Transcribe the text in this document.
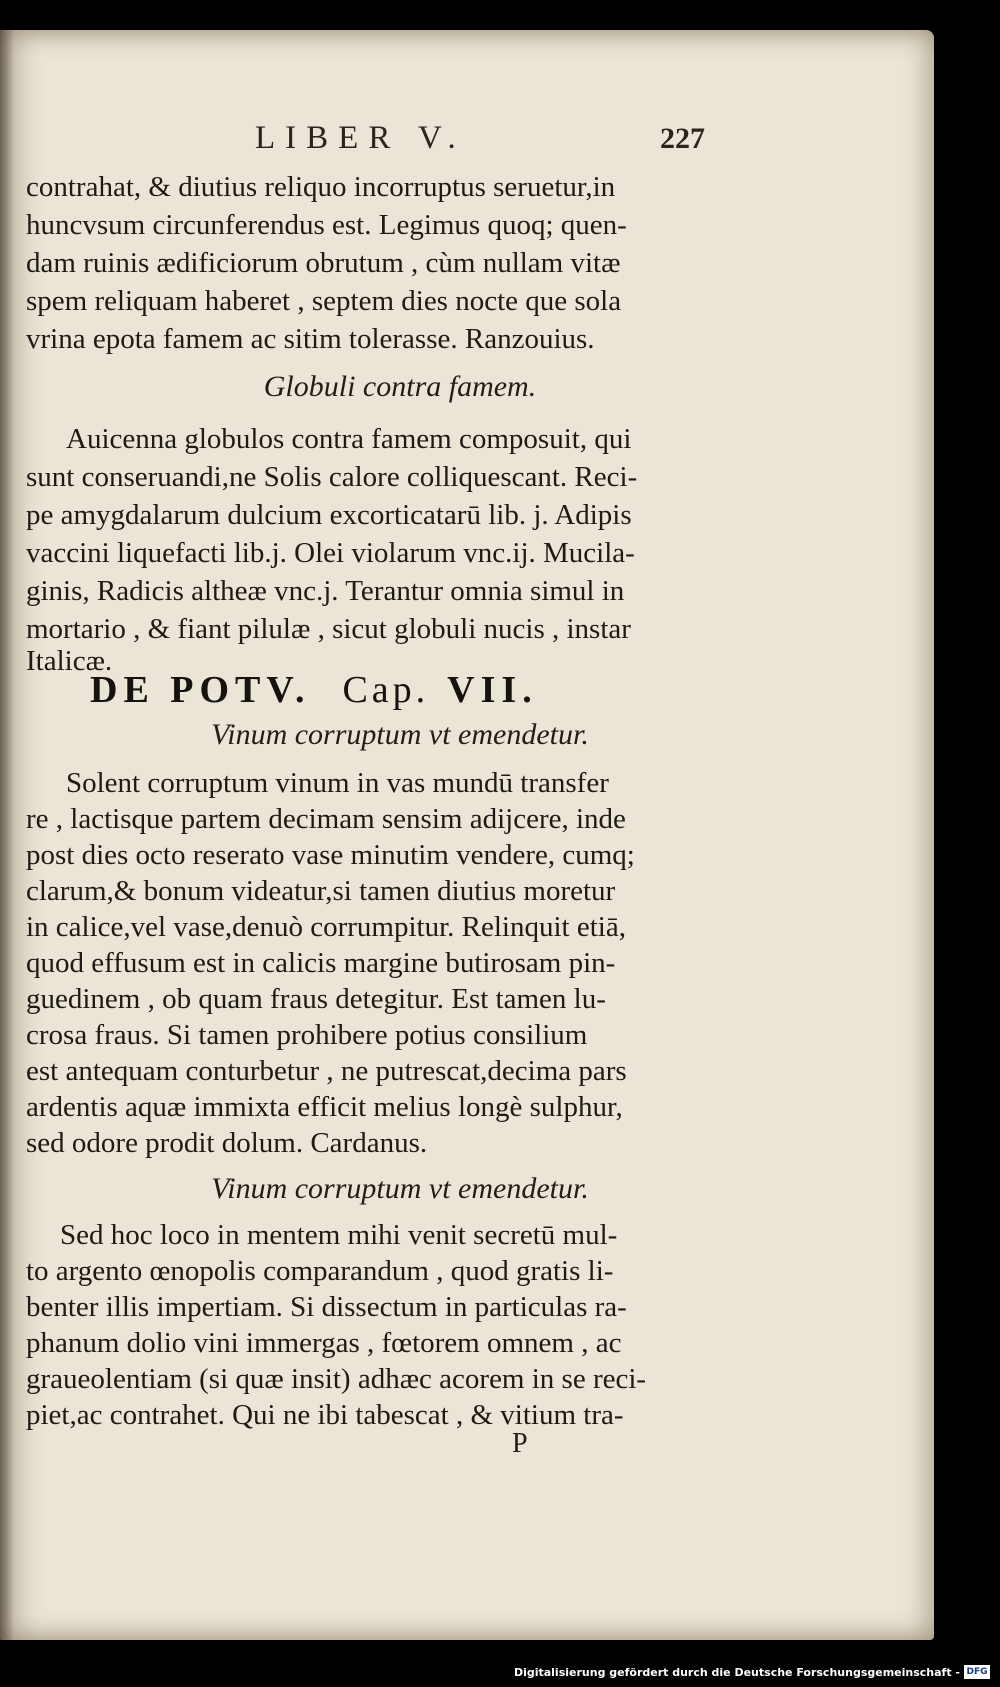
LIBER V.	227
contrahat, & diutius reliquo incorruptus seruetur,in
huncvsum circunferendus est. Legimus quoq; quen-
dam ruinis ædificiorum obrutum , cùm nullam vitæ
spem reliquam haberet , septem dies nocte que sola
vrina epota famem ac sitim tolerasse. Ranzouius.
Globuli contra famem.
Auicenna globulos contra famem composuit, qui
sunt conseruandi,ne Solis calore colliquescant. Reci-
pe amygdalarum dulcium excorticatarū lib. j. Adipis
vaccini liquefacti lib.j. Olei violarum vnc.ij. Mucila-
ginis, Radicis altheæ vnc.j. Terantur omnia simul in
mortario , & fiant pilulæ , sicut globuli nucis , instar
Italicæ.
DE POTV. Cap. VII.
Vinum corruptum vt emendetur.
Solent corruptum vinum in vas mundū transfer
re , lactisque partem decimam sensim adijcere, inde
post dies octo reserato vase minutim vendere, cumq;
clarum,& bonum videatur,si tamen diutius moretur
in calice,vel vase,denuò corrumpitur. Relinquit etiā,
quod effusum est in calicis margine butirosam pin-
guedinem , ob quam fraus detegitur. Est tamen lu-
crosa fraus. Si tamen prohibere potius consilium
est antequam conturbetur , ne putrescat,decima pars
ardentis aquæ immixta efficit melius longè sulphur,
sed odore prodit dolum. Cardanus.
Vinum corruptum vt emendetur.
Sed hoc loco in mentem mihi venit secretū mul-
to argento œnopolis comparandum , quod gratis li-
benter illis impertiam. Si dissectum in particulas ra-
phanum dolio vini immergas , fœtorem omnem , ac
graueolentiam (si quæ insit) adhæc acorem in se reci-
piet,ac contrahet. Qui ne ibi tabescat , & vitium tra-
P
Digitalisierung gefördert durch die Deutsche Forschungsgemeinschaft - DFG
